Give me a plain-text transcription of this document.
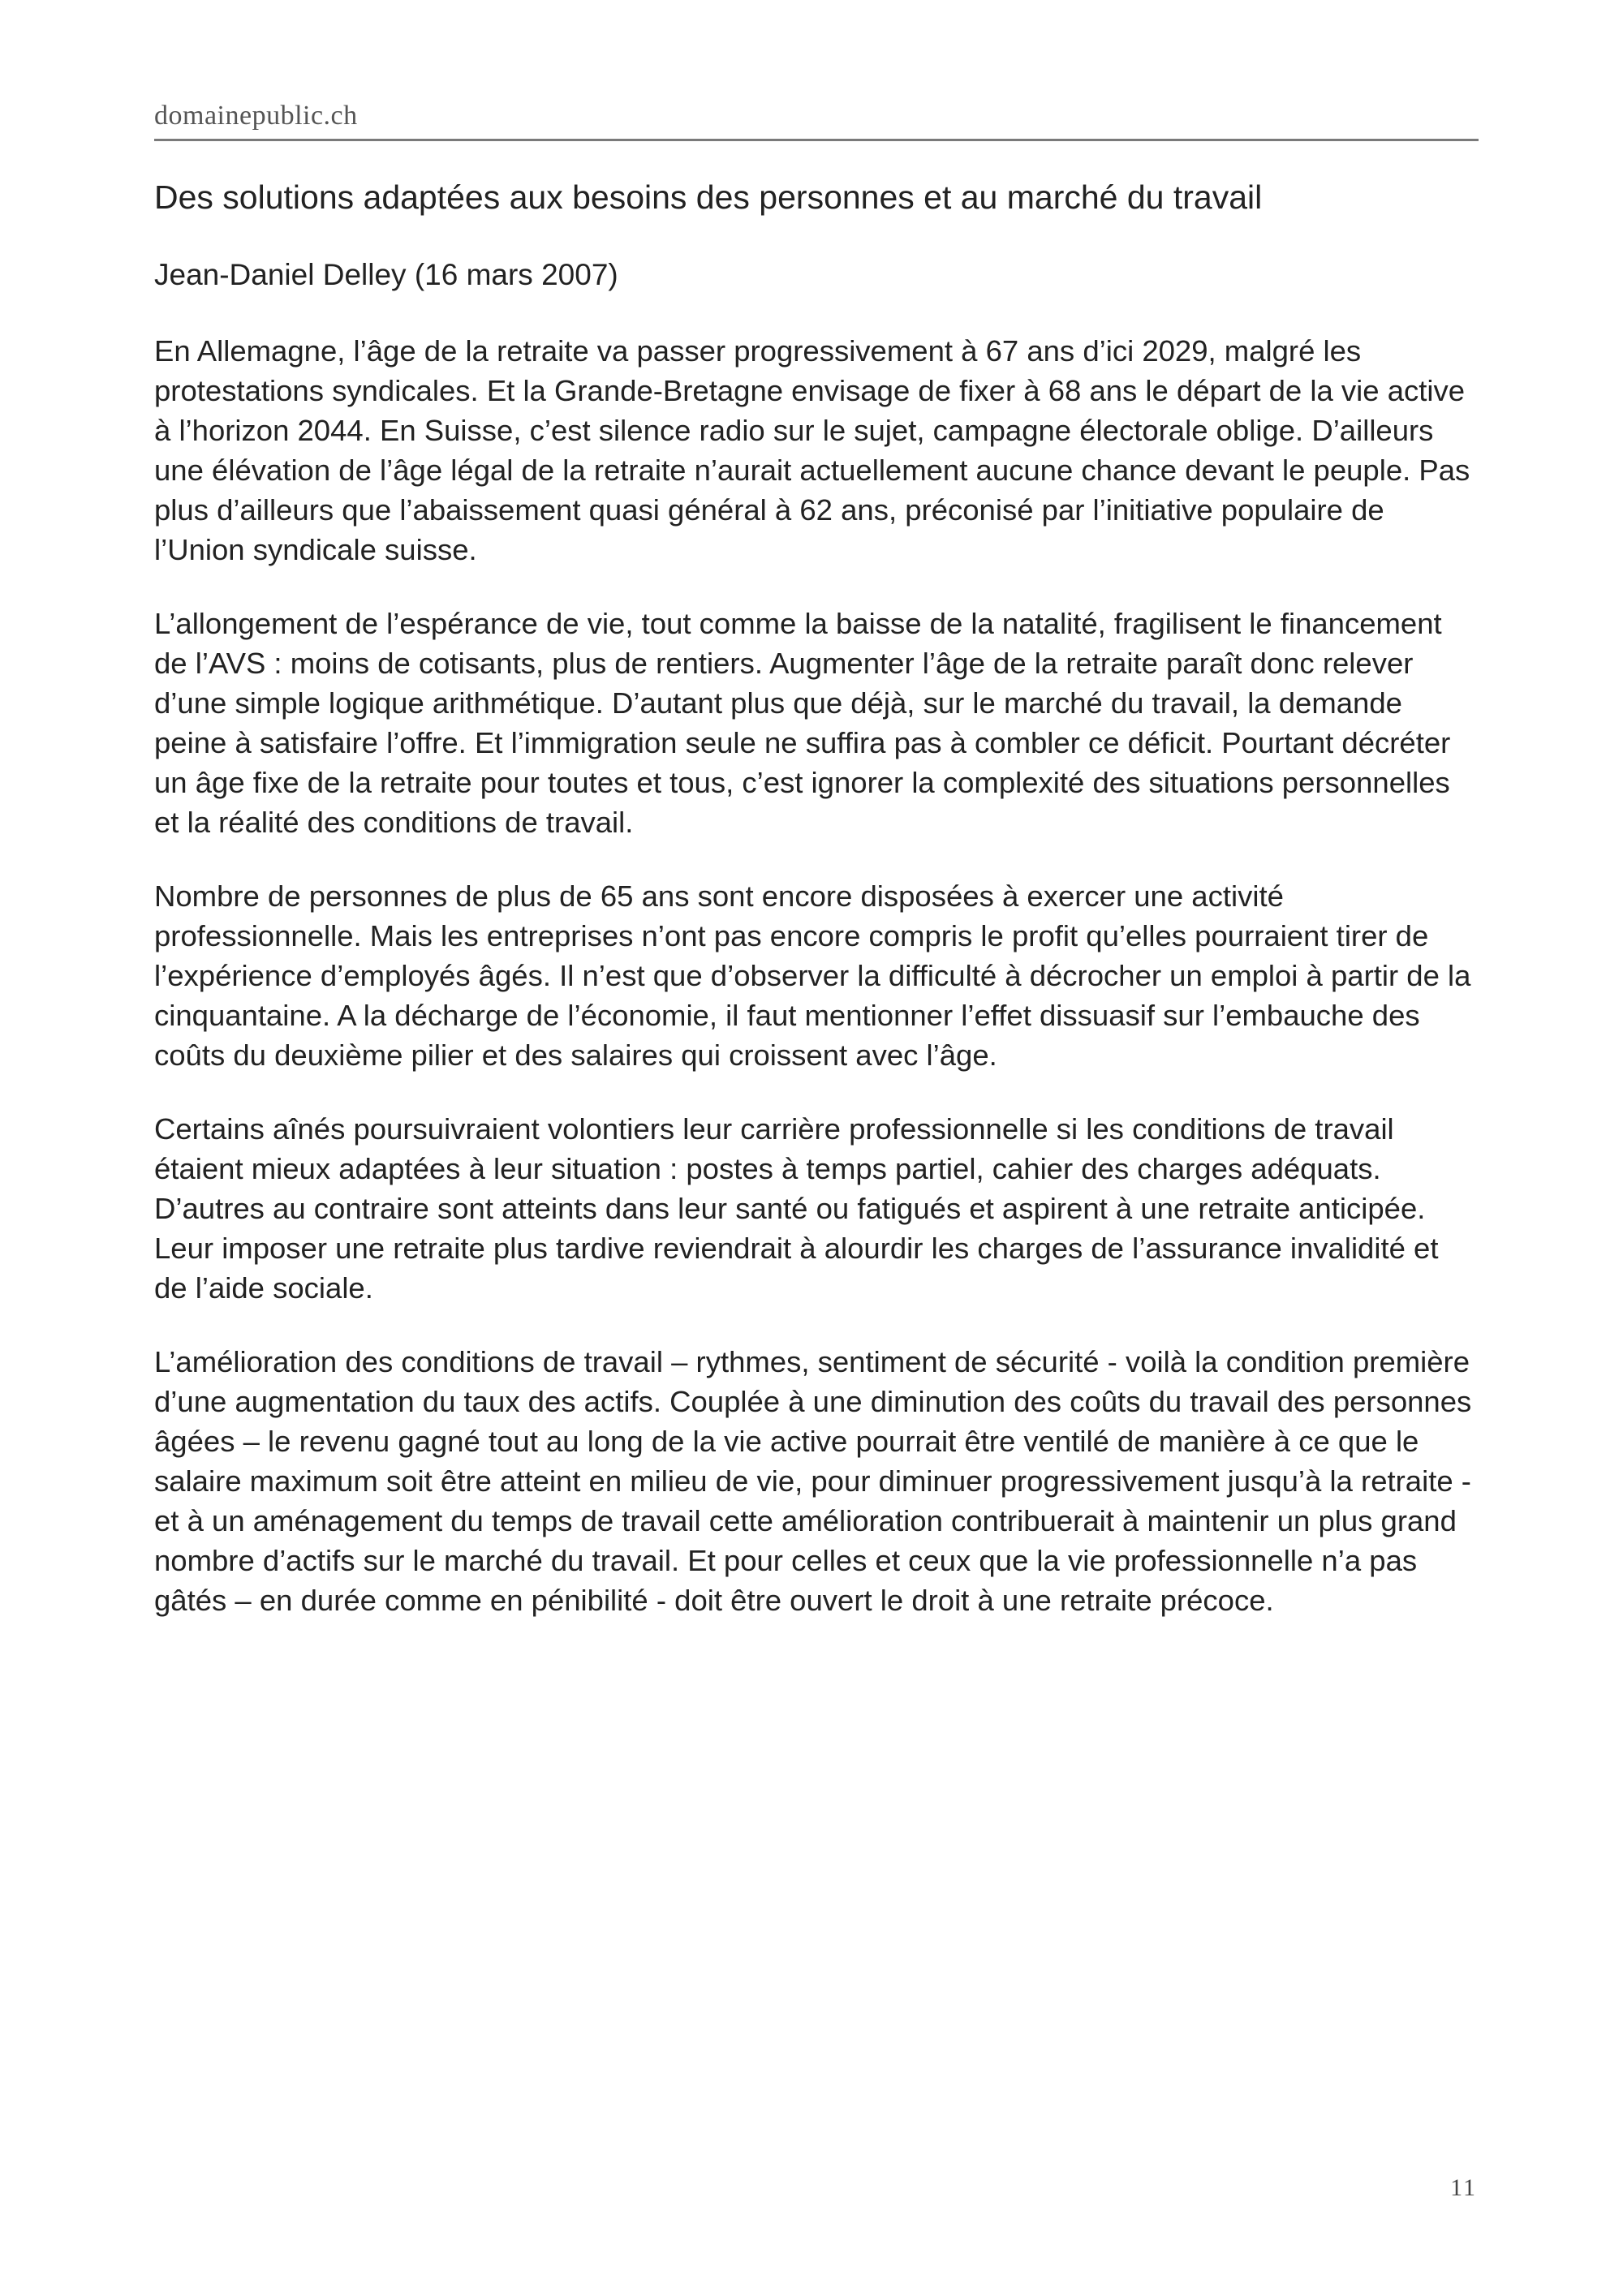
domainepublic.ch
Des solutions adaptées aux besoins des personnes et au marché du travail

Jean-Daniel Delley (16 mars 2007)

En Allemagne, l’âge de la retraite va passer progressivement à 67 ans d’ici 2029, malgré les protestations syndicales. Et la Grande-Bretagne envisage de fixer à 68 ans le départ de la vie active à l’horizon 2044. En Suisse, c’est silence radio sur le sujet, campagne électorale oblige. D’ailleurs une élévation de l’âge légal de la retraite n’aurait actuellement aucune chance devant le peuple. Pas plus d’ailleurs que l’abaissement quasi général à 62 ans, préconisé par l’initiative populaire de l’Union syndicale suisse.

L’allongement de l’espérance de vie, tout comme la baisse de la natalité, fragilisent le financement de l’AVS : moins de cotisants, plus de rentiers. Augmenter l’âge de la retraite paraît donc relever d’une simple logique arithmétique. D’autant plus que déjà, sur le marché du travail, la demande peine à satisfaire l’offre. Et l’immigration seule ne suffira pas à combler ce déficit. Pourtant décréter un âge fixe de la retraite pour toutes et tous, c’est ignorer la complexité des situations personnelles et la réalité des conditions de travail.

Nombre de personnes de plus de 65 ans sont encore disposées à exercer une activité professionnelle. Mais les entreprises n’ont pas encore compris le profit qu’elles pourraient tirer de l’expérience d’employés âgés. Il n’est que d’observer la difficulté à décrocher un emploi à partir de la cinquantaine. A la décharge de l’économie, il faut mentionner l’effet dissuasif sur l’embauche des coûts du deuxième pilier et des salaires qui croissent avec l’âge.

Certains aînés poursuivraient volontiers leur carrière professionnelle si les conditions de travail étaient mieux adaptées à leur situation : postes à temps partiel, cahier des charges adéquats. D’autres au contraire sont atteints dans leur santé ou fatigués et aspirent à une retraite anticipée. Leur imposer une retraite plus tardive reviendrait à alourdir les charges de l’assurance invalidité et de l’aide sociale.

L’amélioration des conditions de travail – rythmes, sentiment de sécurité - voilà la condition première d’une augmentation du taux des actifs. Couplée à une diminution des coûts du travail des personnes âgées – le revenu gagné tout au long de la vie active pourrait être ventilé de manière à ce que le salaire maximum soit être atteint en milieu de vie, pour diminuer progressivement jusqu’à la retraite - et à un aménagement du temps de travail cette amélioration contribuerait à maintenir un plus grand nombre d’actifs sur le marché du travail. Et pour celles et ceux que la vie professionnelle n’a pas gâtés – en durée comme en pénibilité - doit être ouvert le droit à une retraite précoce.

11
